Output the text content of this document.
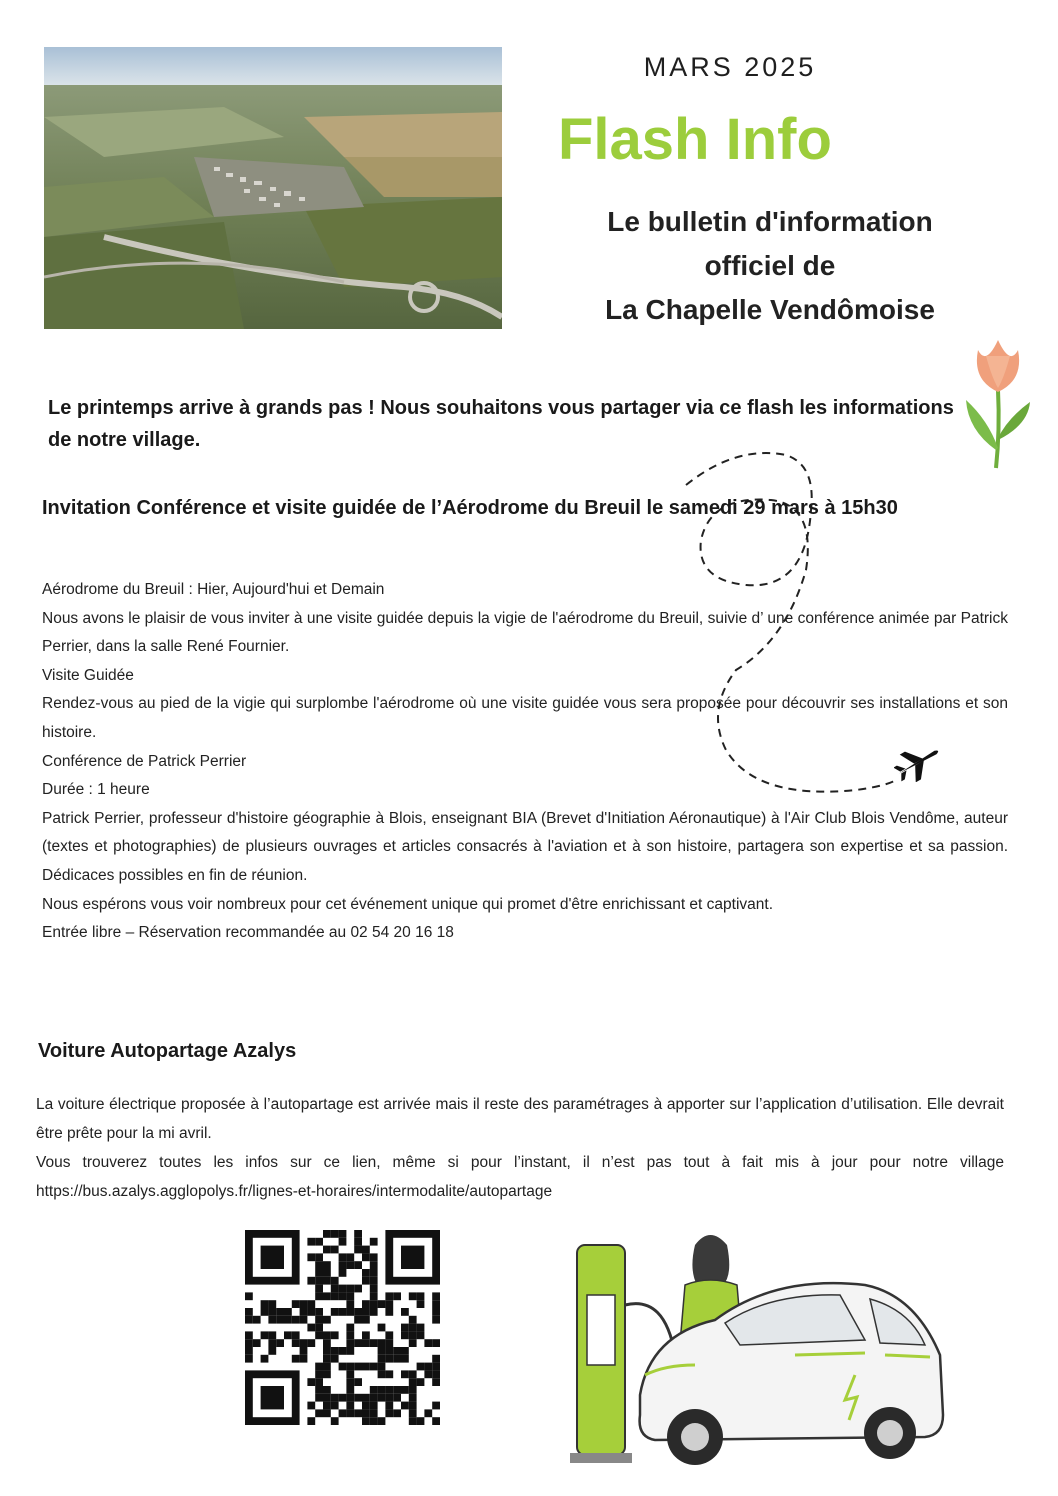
MARS 2025
Flash Info
Le bulletin d'information
officiel de
La Chapelle Vendômoise
Le printemps arrive à grands pas ! Nous souhaitons vous partager via ce flash les informations de notre village.
Invitation Conférence et visite guidée de l’Aérodrome du Breuil le samedi 29 mars à 15h30

Aérodrome du Breuil : Hier, Aujourd'hui et Demain

Nous avons le plaisir de vous inviter à une visite guidée depuis la vigie de l'aérodrome du Breuil, suivie d’ une conférence animée par Patrick Perrier, dans la salle René Fournier.

Visite Guidée

Rendez-vous au pied de la vigie qui surplombe l'aérodrome où une visite guidée vous sera proposée pour découvrir ses installations et son histoire.

Conférence de Patrick Perrier

Durée : 1 heure

Patrick Perrier, professeur d'histoire géographie à Blois, enseignant BIA (Brevet d'Initiation Aéronautique) à l'Air Club Blois Vendôme, auteur (textes et photographies) de plusieurs ouvrages et articles consacrés à l'aviation et à son histoire, partagera son expertise et sa passion. Dédicaces possibles en fin de réunion.

Nous espérons vous voir nombreux pour cet événement unique qui promet d'être enrichissant et captivant.

Entrée libre – Réservation recommandée au 02 54 20 16 18

Voiture Autopartage Azalys

La voiture électrique proposée à l’autopartage est arrivée mais il reste des paramétrages à apporter sur l’application d’utilisation. Elle devrait être prête pour la mi avril.

Vous trouverez toutes les infos sur ce lien, même si pour l’instant, il n’est pas tout à fait mis à jour pour notre village https://bus.azalys.agglopolys.fr/lignes-et-horaires/intermodalite/autopartage
